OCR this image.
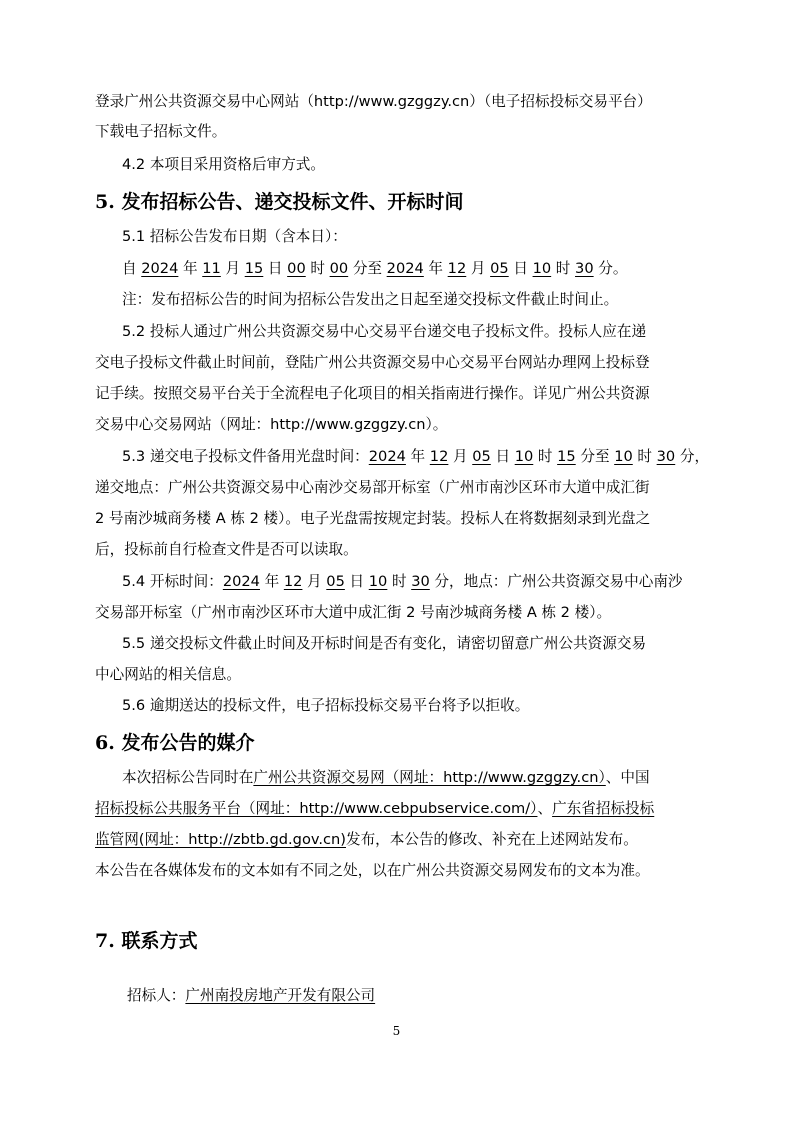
登录广州公共资源交易中心网站（http://www.gzggzy.cn）（电子招标投标交易平台）
下载电子招标文件。
4.2 本项目采用资格后审方式。
5. 发布招标公告、递交投标文件、开标时间
5.1 招标公告发布日期（含本日）：
自 2024 年 11 月 15 日 00 时 00 分至 2024 年 12 月 05 日 10 时 30 分。
注：发布招标公告的时间为招标公告发出之日起至递交投标文件截止时间止。
5.2 投标人通过广州公共资源交易中心交易平台递交电子投标文件。投标人应在递
交电子投标文件截止时间前，登陆广州公共资源交易中心交易平台网站办理网上投标登
记手续。按照交易平台关于全流程电子化项目的相关指南进行操作。详见广州公共资源
交易中心交易网站（网址：http://www.gzggzy.cn）。
5.3 递交电子投标文件备用光盘时间：2024 年 12 月 05 日 10 时 15 分至 10 时 30 分，
递交地点：广州公共资源交易中心南沙交易部开标室（广州市南沙区环市大道中成汇街
2 号南沙城商务楼 A 栋 2 楼）。电子光盘需按规定封装。投标人在将数据刻录到光盘之
后，投标前自行检查文件是否可以读取。
5.4 开标时间：2024 年 12 月 05 日 10 时 30 分，地点：广州公共资源交易中心南沙
交易部开标室（广州市南沙区环市大道中成汇街 2 号南沙城商务楼 A 栋 2 楼）。
5.5 递交投标文件截止时间及开标时间是否有变化，请密切留意广州公共资源交易
中心网站的相关信息。
5.6 逾期送达的投标文件，电子招标投标交易平台将予以拒收。
6. 发布公告的媒介
本次招标公告同时在广州公共资源交易网（网址：http://www.gzggzy.cn）、中国
招标投标公共服务平台（网址：http://www.cebpubservice.com/）、广东省招标投标
监管网(网址：http://zbtb.gd.gov.cn)发布，本公告的修改、补充在上述网站发布。
本公告在各媒体发布的文本如有不同之处，以在广州公共资源交易网发布的文本为准。
7. 联系方式
招标人：广州南投房地产开发有限公司
5
